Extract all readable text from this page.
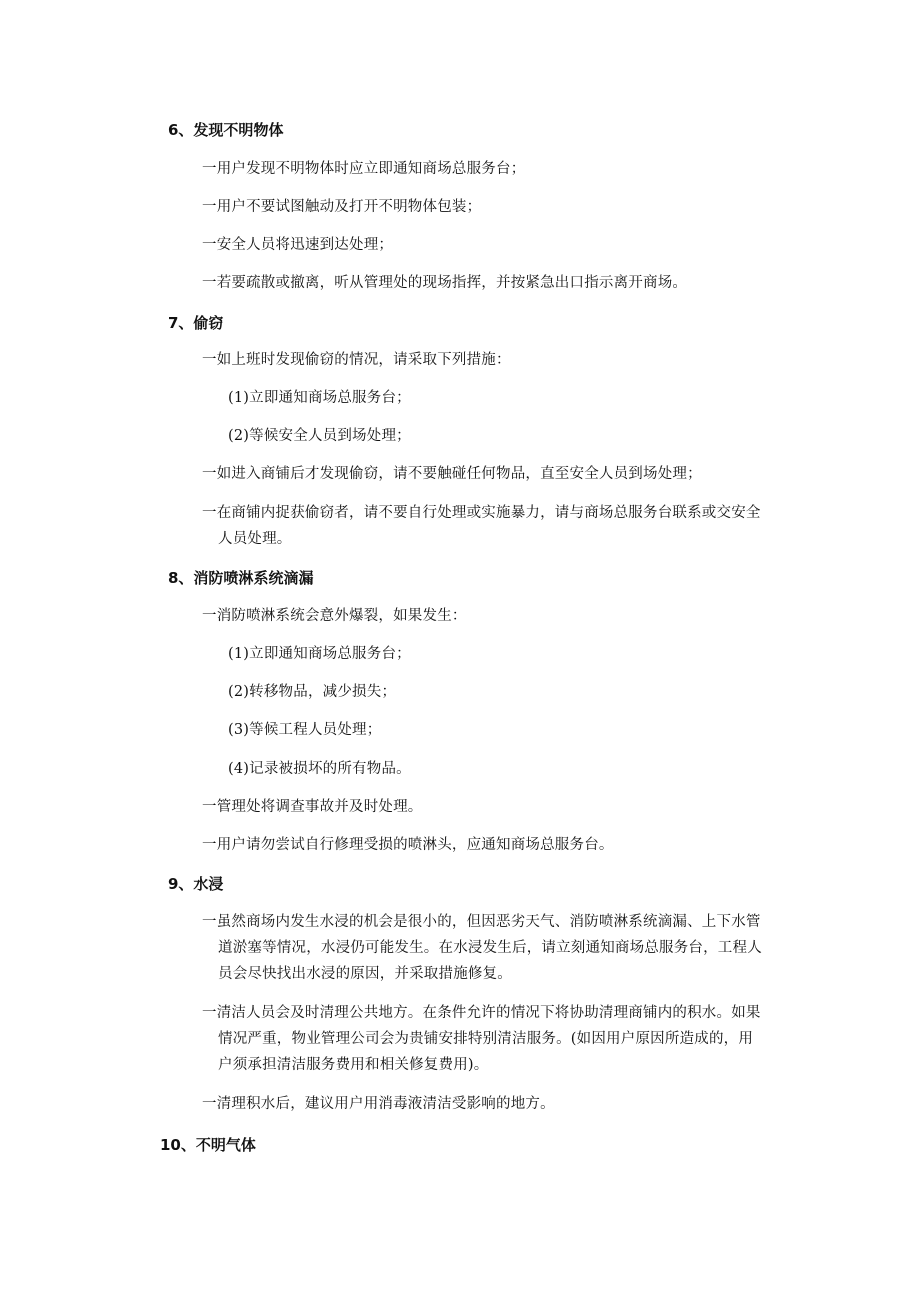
6、发现不明物体
一用户发现不明物体时应立即通知商场总服务台；
一用户不要试图触动及打开不明物体包装；
一安全人员将迅速到达处理；
一若要疏散或撤离，听从管理处的现场指挥，并按紧急出口指示离开商场。
7、偷窃
一如上班时发现偷窃的情况，请采取下列措施：
(1)立即通知商场总服务台；
(2)等候安全人员到场处理；
一如进入商铺后才发现偷窃，请不要触碰任何物品，直至安全人员到场处理；
一在商铺内捉获偷窃者，请不要自行处理或实施暴力，请与商场总服务台联系或交安全
人员处理。
8、消防喷淋系统滴漏
一消防喷淋系统会意外爆裂，如果发生：
(1)立即通知商场总服务台；
(2)转移物品，减少损失；
(3)等候工程人员处理；
(4)记录被损坏的所有物品。
一管理处将调查事故并及时处理。
一用户请勿尝试自行修理受损的喷淋头，应通知商场总服务台。
9、水浸
一虽然商场内发生水浸的机会是很小的，但因恶劣天气、消防喷淋系统滴漏、上下水管
道淤塞等情况，水浸仍可能发生。在水浸发生后，请立刻通知商场总服务台，工程人
员会尽快找出水浸的原因，并采取措施修复。
一清洁人员会及时清理公共地方。在条件允许的情况下将协助清理商铺内的积水。如果
情况严重，物业管理公司会为贵铺安排特别清洁服务。(如因用户原因所造成的，用
户须承担清洁服务费用和相关修复费用)。
一清理积水后，建议用户用消毒液清洁受影响的地方。
10、不明气体
